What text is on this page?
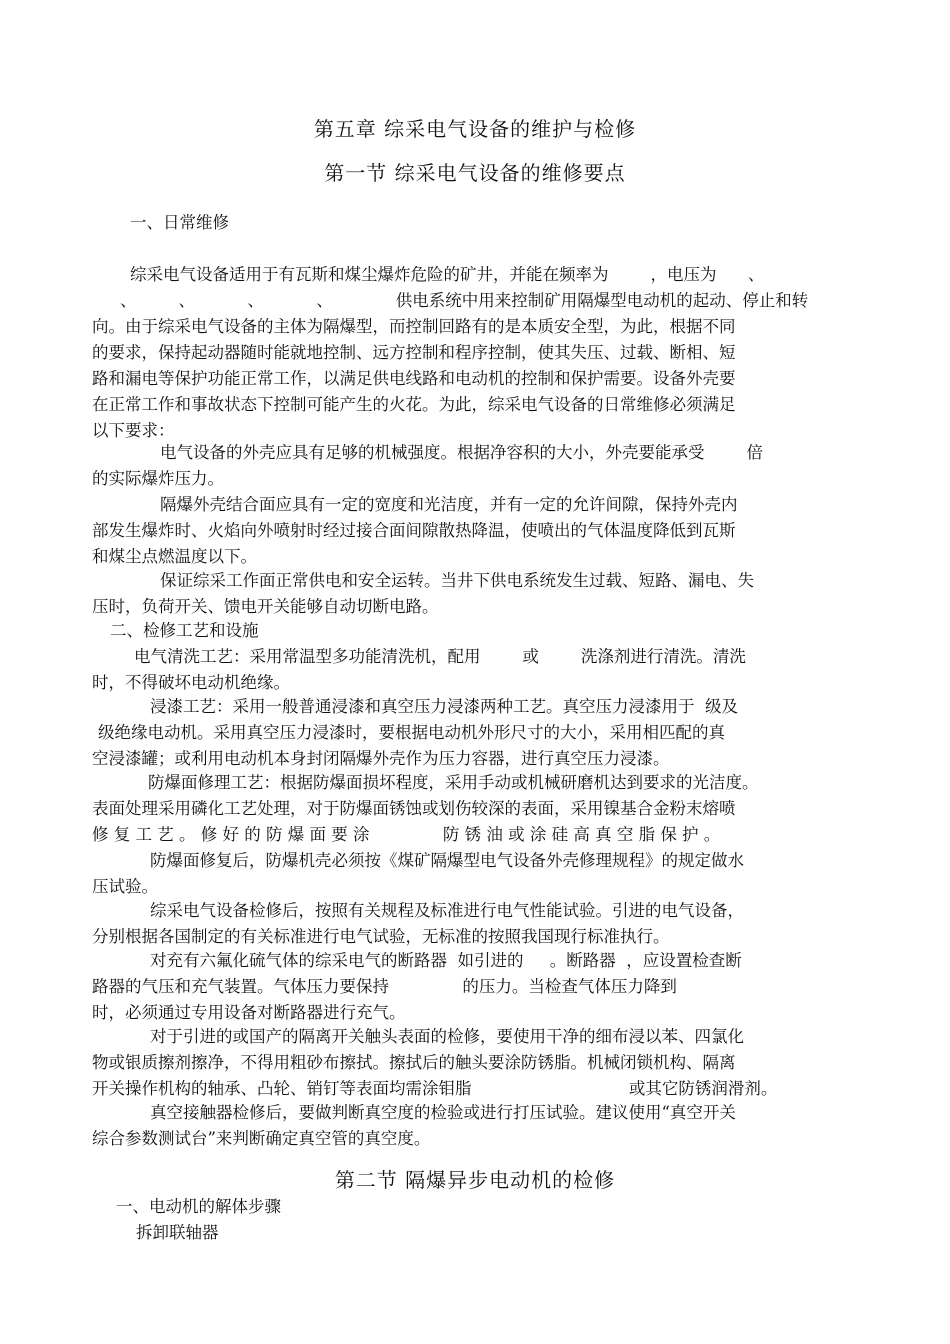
第五章 综采电气设备的维护与检修
第一节 综采电气设备的维修要点
一、日常维修
综采电气设备适用于有瓦斯和煤尘爆炸危险的矿井，并能在频率为        ，电压为      、
、        、          、          、            供电系统中用来控制矿用隔爆型电动机的起动、停止和转
向。由于综采电气设备的主体为隔爆型，而控制回路有的是本质安全型，为此，根据不同
的要求，保持起动器随时能就地控制、远方控制和程序控制，使其失压、过载、断相、短
路和漏电等保护功能正常工作，以满足供电线路和电动机的控制和保护需要。设备外壳要
在正常工作和事故状态下控制可能产生的火花。为此，综采电气设备的日常维修必须满足
以下要求：
电气设备的外壳应具有足够的机械强度。根据净容积的大小，外壳要能承受        倍
的实际爆炸压力。
隔爆外壳结合面应具有一定的宽度和光洁度，并有一定的允许间隙，保持外壳内
部发生爆炸时、火焰向外喷射时经过接合面间隙散热降温，使喷出的气体温度降低到瓦斯
和煤尘点燃温度以下。
保证综采工作面正常供电和安全运转。当井下供电系统发生过载、短路、漏电、失
压时，负荷开关、馈电开关能够自动切断电路。
二、检修工艺和设施
电气清洗工艺：采用常温型多功能清洗机，配用        或        洗涤剂进行清洗。清洗
时，不得破坏电动机绝缘。
浸漆工艺：采用一般普通浸漆和真空压力浸漆两种工艺。真空压力浸漆用于  级及
级绝缘电动机。采用真空压力浸漆时，要根据电动机外形尺寸的大小，采用相匹配的真
空浸漆罐；或利用电动机本身封闭隔爆外壳作为压力容器，进行真空压力浸漆。
防爆面修理工艺：根据防爆面损坏程度，采用手动或机械研磨机达到要求的光洁度。
表面处理采用磷化工艺处理，对于防爆面锈蚀或划伤较深的表面，采用镍基合金粉末熔喷
修 复 工 艺 。 修 好 的 防 爆 面 要 涂              防 锈 油 或 涂 硅 高 真 空 脂 保 护 。
防爆面修复后，防爆机壳必须按《煤矿隔爆型电气设备外壳修理规程》的规定做水
压试验。
综采电气设备检修后，按照有关规程及标准进行电气性能试验。引进的电气设备，
分别根据各国制定的有关标准进行电气试验，无标准的按照我国现行标准执行。
对充有六氟化硫气体的综采电气的断路器  如引进的     。断路器  ，应设置检查断
路器的气压和充气装置。气体压力要保持              的压力。当检查气体压力降到
时，必须通过专用设备对断路器进行充气。
对于引进的或国产的隔离开关触头表面的检修，要使用干净的细布浸以苯、四氯化
物或银质擦剂擦净，不得用粗砂布擦拭。擦拭后的触头要涂防锈脂。机械闭锁机构、隔离
开关操作机构的轴承、凸轮、销钉等表面均需涂钼脂                              或其它防锈润滑剂。
真空接触器检修后，要做判断真空度的检验或进行打压试验。建议使用“真空开关
综合参数测试台”来判断确定真空管的真空度。
第二节 隔爆异步电动机的检修
一、电动机的解体步骤
拆卸联轴器
